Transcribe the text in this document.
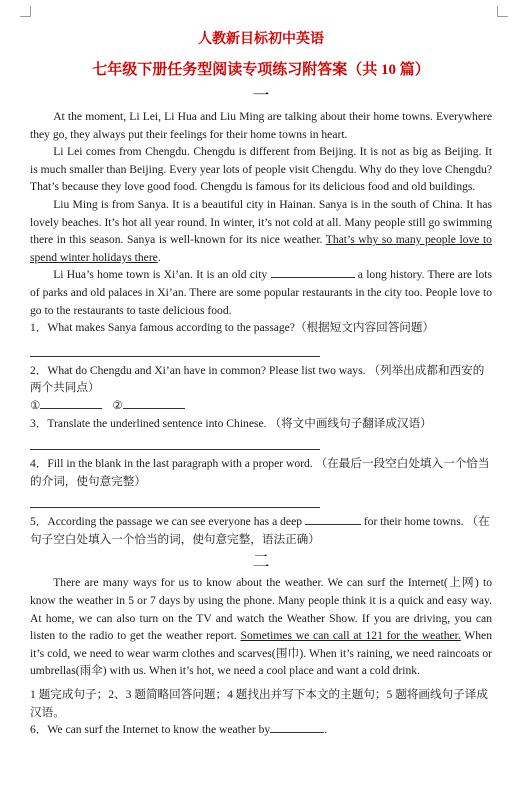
人教新目标初中英语

七年级下册任务型阅读专项练习附答案（共 10 篇）

一

At the moment, Li Lei, Li Hua and Liu Ming are talking about their home towns. Everywhere they go, they always put their feelings for their home towns in heart.

Li Lei comes from Chengdu. Chengdu is different from Beijing. It is not as big as Beijing. It is much smaller than Beijing. Every year lots of people visit Chengdu. Why do they love Chengdu? That’s because they love good food. Chengdu is famous for its delicious food and old buildings.

Liu Ming is from Sanya. It is a beautiful city in Hainan. Sanya is in the south of China. It has lovely beaches. It’s hot all year round. In winter, it’s not cold at all. Many people still go swimming there in this season. Sanya is well-known for its nice weather. That’s why so many people love to spend winter holidays there.

Li Hua’s home town is Xi’an. It is an old city	a long history. There are lots of parks and old palaces in Xi’an. There are some popular restaurants in the city too. People love to go to the restaurants to taste delicious food.

1．What makes Sanya famous according to the passage?（根据短文内容回答问题）

2．What do Chengdu and Xi’an have in common? Please list two ways. （列举出成都和西安的两个共同点）

①	②

3．Translate the underlined sentence into Chinese. （将文中画线句子翻译成汉语）

4．Fill in the blank in the last paragraph with a proper word. （在最后一段空白处填入一个恰当的介词，使句意完整）

5．According the passage we can see everyone has a deep	for their home towns. （在句子空白处填入一个恰当的词，使句意完整，语法正确）

二

There are many ways for us to know about the weather. We can surf the Internet(上网) to know the weather in 5 or 7 days by using the phone. Many people think it is a quick and easy way. At home, we can also turn on the TV and watch the Weather Show. If you are driving, you can listen to the radio to get the weather report. Sometimes we can call at 121 for the weather. When it’s cold, we need to wear warm clothes and scarves(围巾). When it’s raining, we need raincoats or umbrellas(雨伞) with us. When it’s hot, we need a cool place and want a cold drink.

1 题完成句子；2、3 题简略回答问题；4 题找出并写下本文的主题句；5 题将画线句子译成汉语。

6．We can surf the Internet to know the weather by	.
